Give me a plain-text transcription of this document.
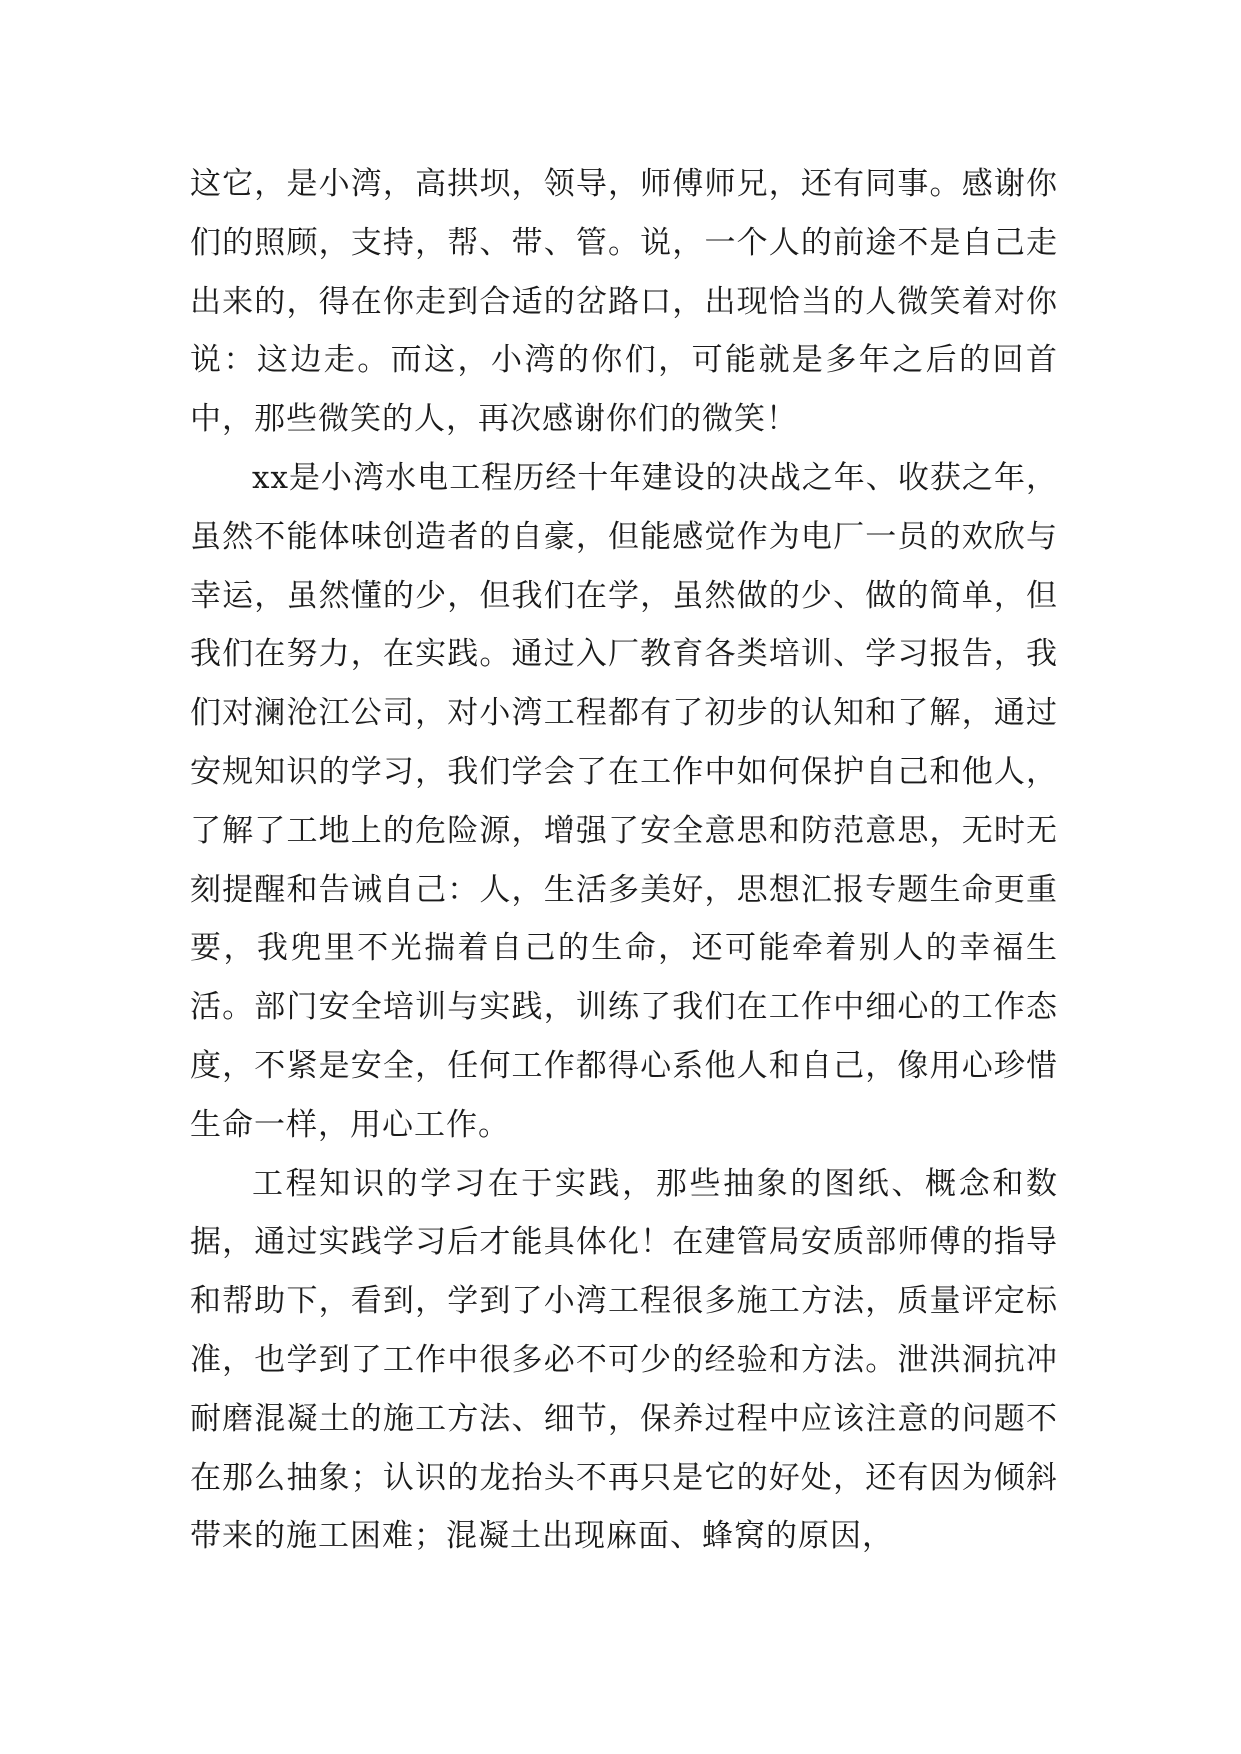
这它，是小湾，高拱坝，领导，师傅师兄，还有同事。感谢你们的照顾，支持，帮、带、管。说，一个人的前途不是自己走出来的，得在你走到合适的岔路口，出现恰当的人微笑着对你说：这边走。而这，小湾的你们，可能就是多年之后的回首中，那些微笑的人，再次感谢你们的微笑！

xx是小湾水电工程历经十年建设的决战之年、收获之年，虽然不能体味创造者的自豪，但能感觉作为电厂一员的欢欣与幸运，虽然懂的少，但我们在学，虽然做的少、做的简单，但我们在努力，在实践。通过入厂教育各类培训、学习报告，我们对澜沧江公司，对小湾工程都有了初步的认知和了解，通过安规知识的学习，我们学会了在工作中如何保护自己和他人，了解了工地上的危险源，增强了安全意思和防范意思，无时无刻提醒和告诫自己：人，生活多美好，思想汇报专题生命更重要，我兜里不光揣着自己的生命，还可能牵着别人的幸福生活。部门安全培训与实践，训练了我们在工作中细心的工作态度，不紧是安全，任何工作都得心系他人和自己，像用心珍惜生命一样，用心工作。

工程知识的学习在于实践，那些抽象的图纸、概念和数据，通过实践学习后才能具体化！在建管局安质部师傅的指导和帮助下，看到，学到了小湾工程很多施工方法，质量评定标准，也学到了工作中很多必不可少的经验和方法。泄洪洞抗冲耐磨混凝土的施工方法、细节，保养过程中应该注意的问题不在那么抽象；认识的龙抬头不再只是它的好处，还有因为倾斜带来的施工困难；混凝土出现麻面、蜂窝的原因，
